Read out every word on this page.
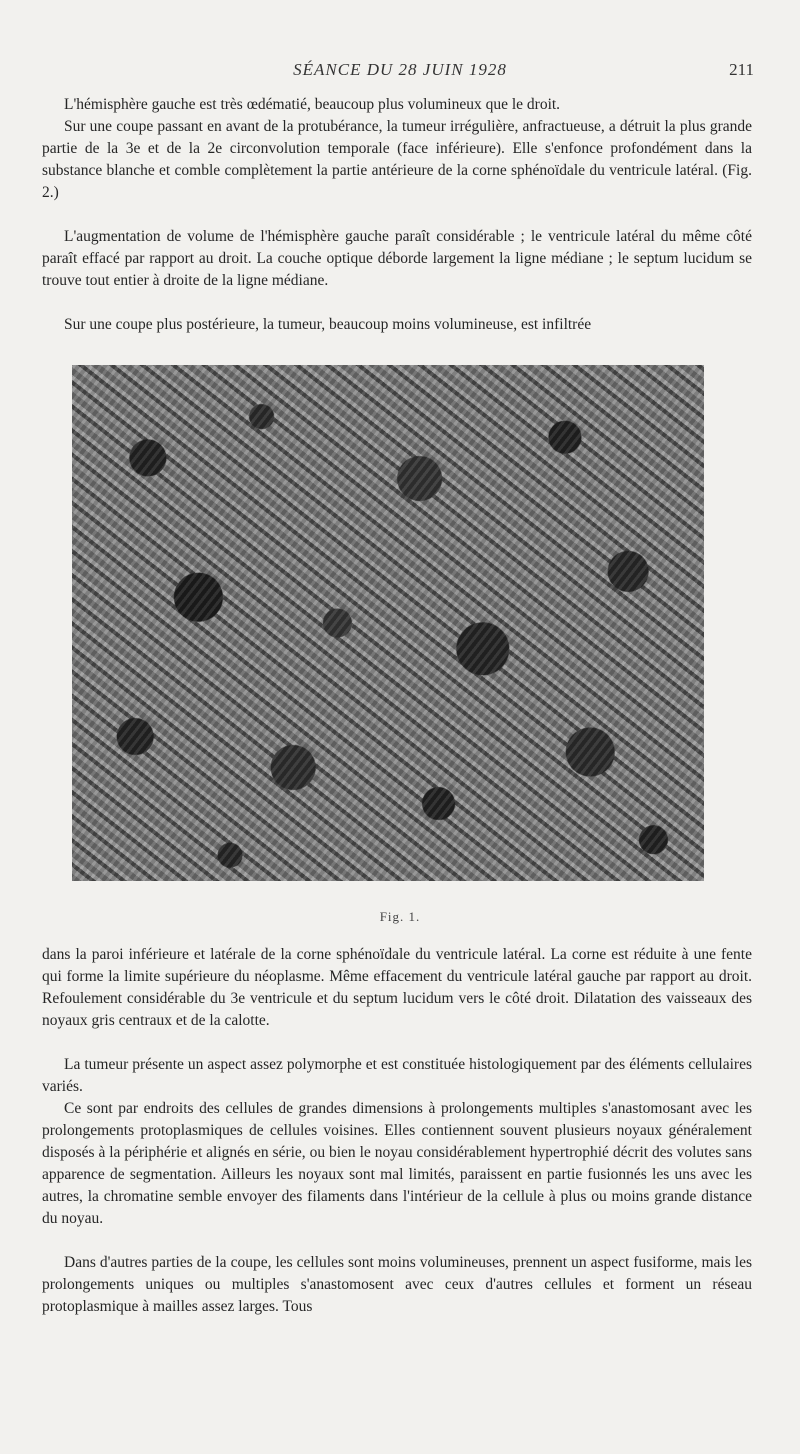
SÉANCE DU 28 JUIN 1928	211

L'hémisphère gauche est très œdématié, beaucoup plus volumineux que le droit.

Sur une coupe passant en avant de la protubérance, la tumeur irrégulière, anfractueuse, a détruit la plus grande partie de la 3e et de la 2e circonvolution temporale (face inférieure). Elle s'enfonce profondément dans la substance blanche et comble complètement la partie antérieure de la corne sphénoïdale du ventricule latéral. (Fig. 2.)

L'augmentation de volume de l'hémisphère gauche paraît considérable ; le ventricule latéral du même côté paraît effacé par rapport au droit. La couche optique déborde largement la ligne médiane ; le septum lucidum se trouve tout entier à droite de la ligne médiane.

Sur une coupe plus postérieure, la tumeur, beaucoup moins volumineuse, est infiltrée

Fig. 1.

dans la paroi inférieure et latérale de la corne sphénoïdale du ventricule latéral. La corne est réduite à une fente qui forme la limite supérieure du néoplasme. Même effacement du ventricule latéral gauche par rapport au droit. Refoulement considérable du 3e ventricule et du septum lucidum vers le côté droit. Dilatation des vaisseaux des noyaux gris centraux et de la calotte.

La tumeur présente un aspect assez polymorphe et est constituée histologiquement par des éléments cellulaires variés.

Ce sont par endroits des cellules de grandes dimensions à prolongements multiples s'anastomosant avec les prolongements protoplasmiques de cellules voisines. Elles contiennent souvent plusieurs noyaux généralement disposés à la périphérie et alignés en série, ou bien le noyau considérablement hypertrophié décrit des volutes sans apparence de segmentation. Ailleurs les noyaux sont mal limités, paraissent en partie fusionnés les uns avec les autres, la chromatine semble envoyer des filaments dans l'intérieur de la cellule à plus ou moins grande distance du noyau.

Dans d'autres parties de la coupe, les cellules sont moins volumineuses, prennent un aspect fusiforme, mais les prolongements uniques ou multiples s'anastomosent avec ceux d'autres cellules et forment un réseau protoplasmique à mailles assez larges. Tous
